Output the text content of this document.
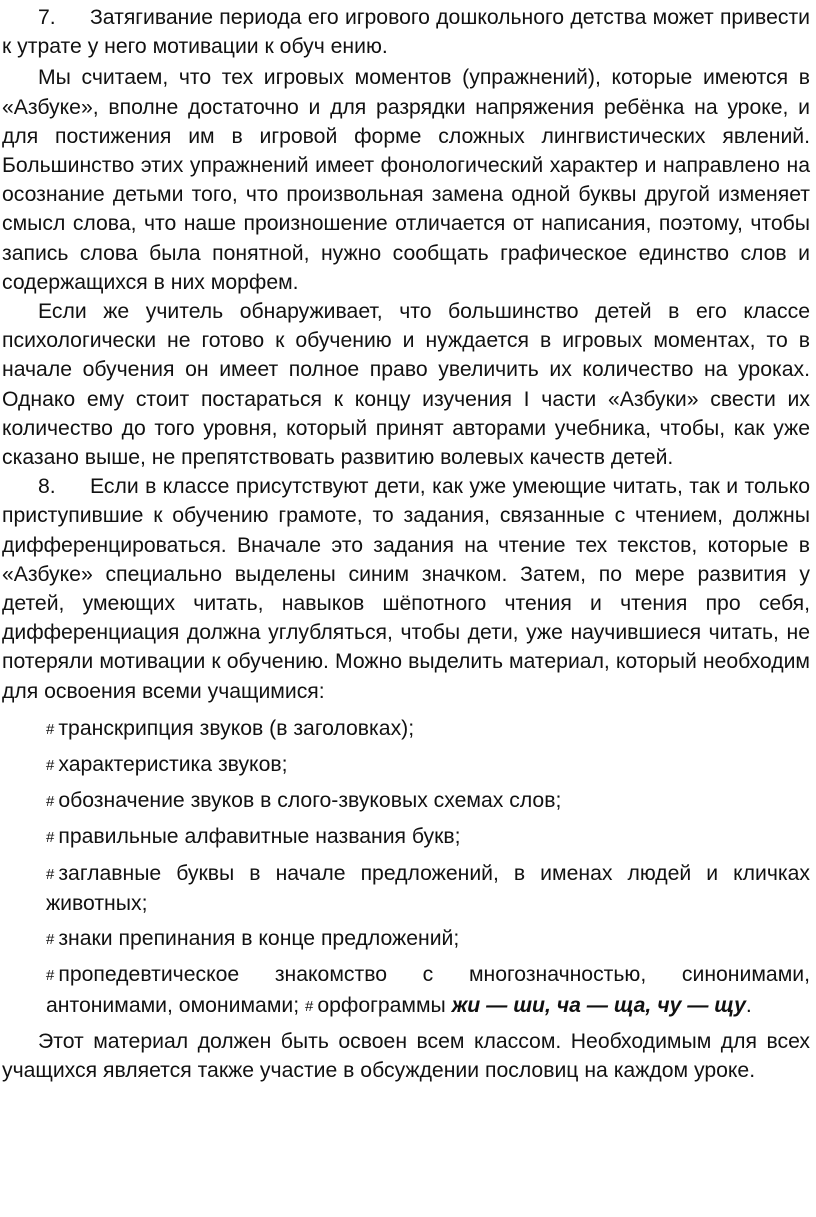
7. Затягивание периода его игрового дошкольного детства может привести к утрате у него мотивации к обуч ению.

Мы считаем, что тех игровых моментов (упражнений), которые имеются в «Азбуке», вполне достаточно и для разрядки напряжения ребёнка на уроке, и для постижения им в игровой форме сложных лингвистических явлений. Большинство этих упражнений имеет фонологический характер и направлено на осознание детьми того, что произвольная замена одной буквы другой изменяет смысл слова, что наше произношение отличается от написания, поэтому, чтобы запись слова была понятной, нужно сообщать графическое единство слов и содержащихся в них морфем.

Если же учитель обнаруживает, что большинство детей в его классе психологически не готово к обучению и нуждается в игровых моментах, то в начале обучения он имеет полное право увеличить их количество на уроках. Однако ему стоит постараться к концу изучения I части «Азбуки» свести их количество до того уровня, который принят авторами учебника, чтобы, как уже сказано выше, не препятствовать развитию волевых качеств детей.

8. Если в классе присутствуют дети, как уже умеющие читать, так и только приступившие к обучению грамоте, то задания, связанные с чтением, должны дифференцироваться. Вначале это задания на чтение тех текстов, которые в «Азбуке» специально выделены синим значком. Затем, по мере развития у детей, умеющих читать, навыков шёпотного чтения и чтения про себя, дифференциация должна углубляться, чтобы дети, уже научившиеся читать, не потеряли мотивации к обучению. Можно выделить материал, который необходим для освоения всеми учащимися:

# транскрипция звуков (в заголовках);
# характеристика звуков;
# обозначение звуков в слого-звуковых схемах слов;
# правильные алфавитные названия букв;
# заглавные буквы в начале предложений, в именах людей и кличках животных;
# знаки препинания в конце предложений;
# пропедевтическое знакомство с многозначностью, синонимами, антонимами, омонимами; # орфограммы жи — ши, ча — ща, чу — щу.

Этот материал должен быть освоен всем классом. Необходимым для всех учащихся является также участие в обсуждении пословиц на каждом уроке.
